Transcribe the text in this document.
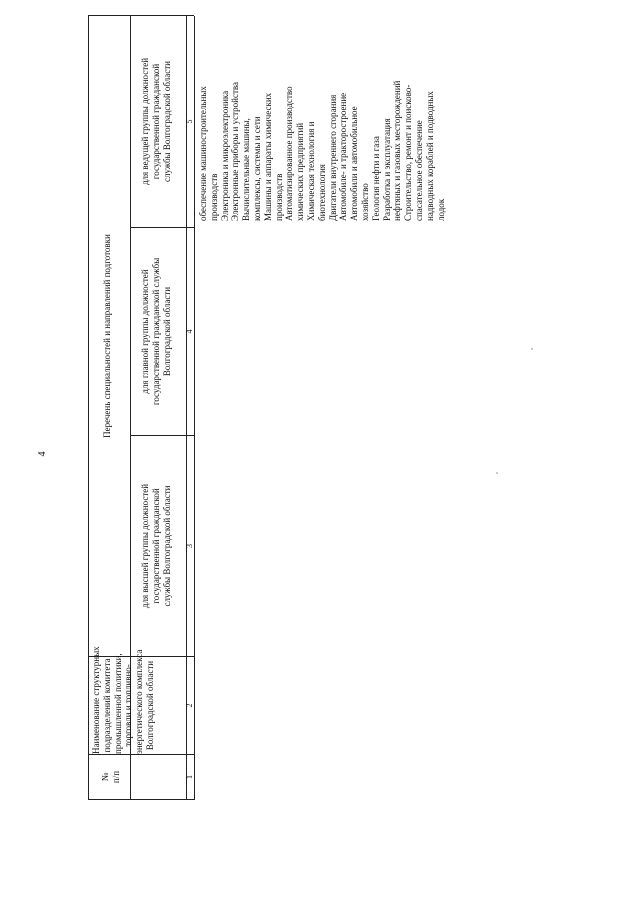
4
№ п/п
Наименование структурных подразделений комитета промышленной политики, торговли и топливно- энергетического комплекса Волгоградской области
Перечень специальностей и направлений подготовки
для высшей группы должностей государственной гражданской службы Волгоградской области
для главной группы должностей государственной гражданской службы Волгоградской области
для ведущей группы должностей государственной гражданской службы Волгоградской области
1
2
3
4
5 обеспечение машиностроительных производств Электроника и микроэлектроника Электронные приборы и устройства Вычислительные машины, комплексы, системы и сети Машины и аппараты химических производств Автоматизированное производство химических предприятий Химическая технология и биотехнология Двигатели внутреннего сгорания Автомобиле- и тракторостроение Автомобили и автомобильное хозяйство Геология нефти и газа Разработка и эксплуатация нефтяных и газовых месторождений Строительство, ремонт и поисково- спасательное обеспечение надводных кораблей и подводных лодок
